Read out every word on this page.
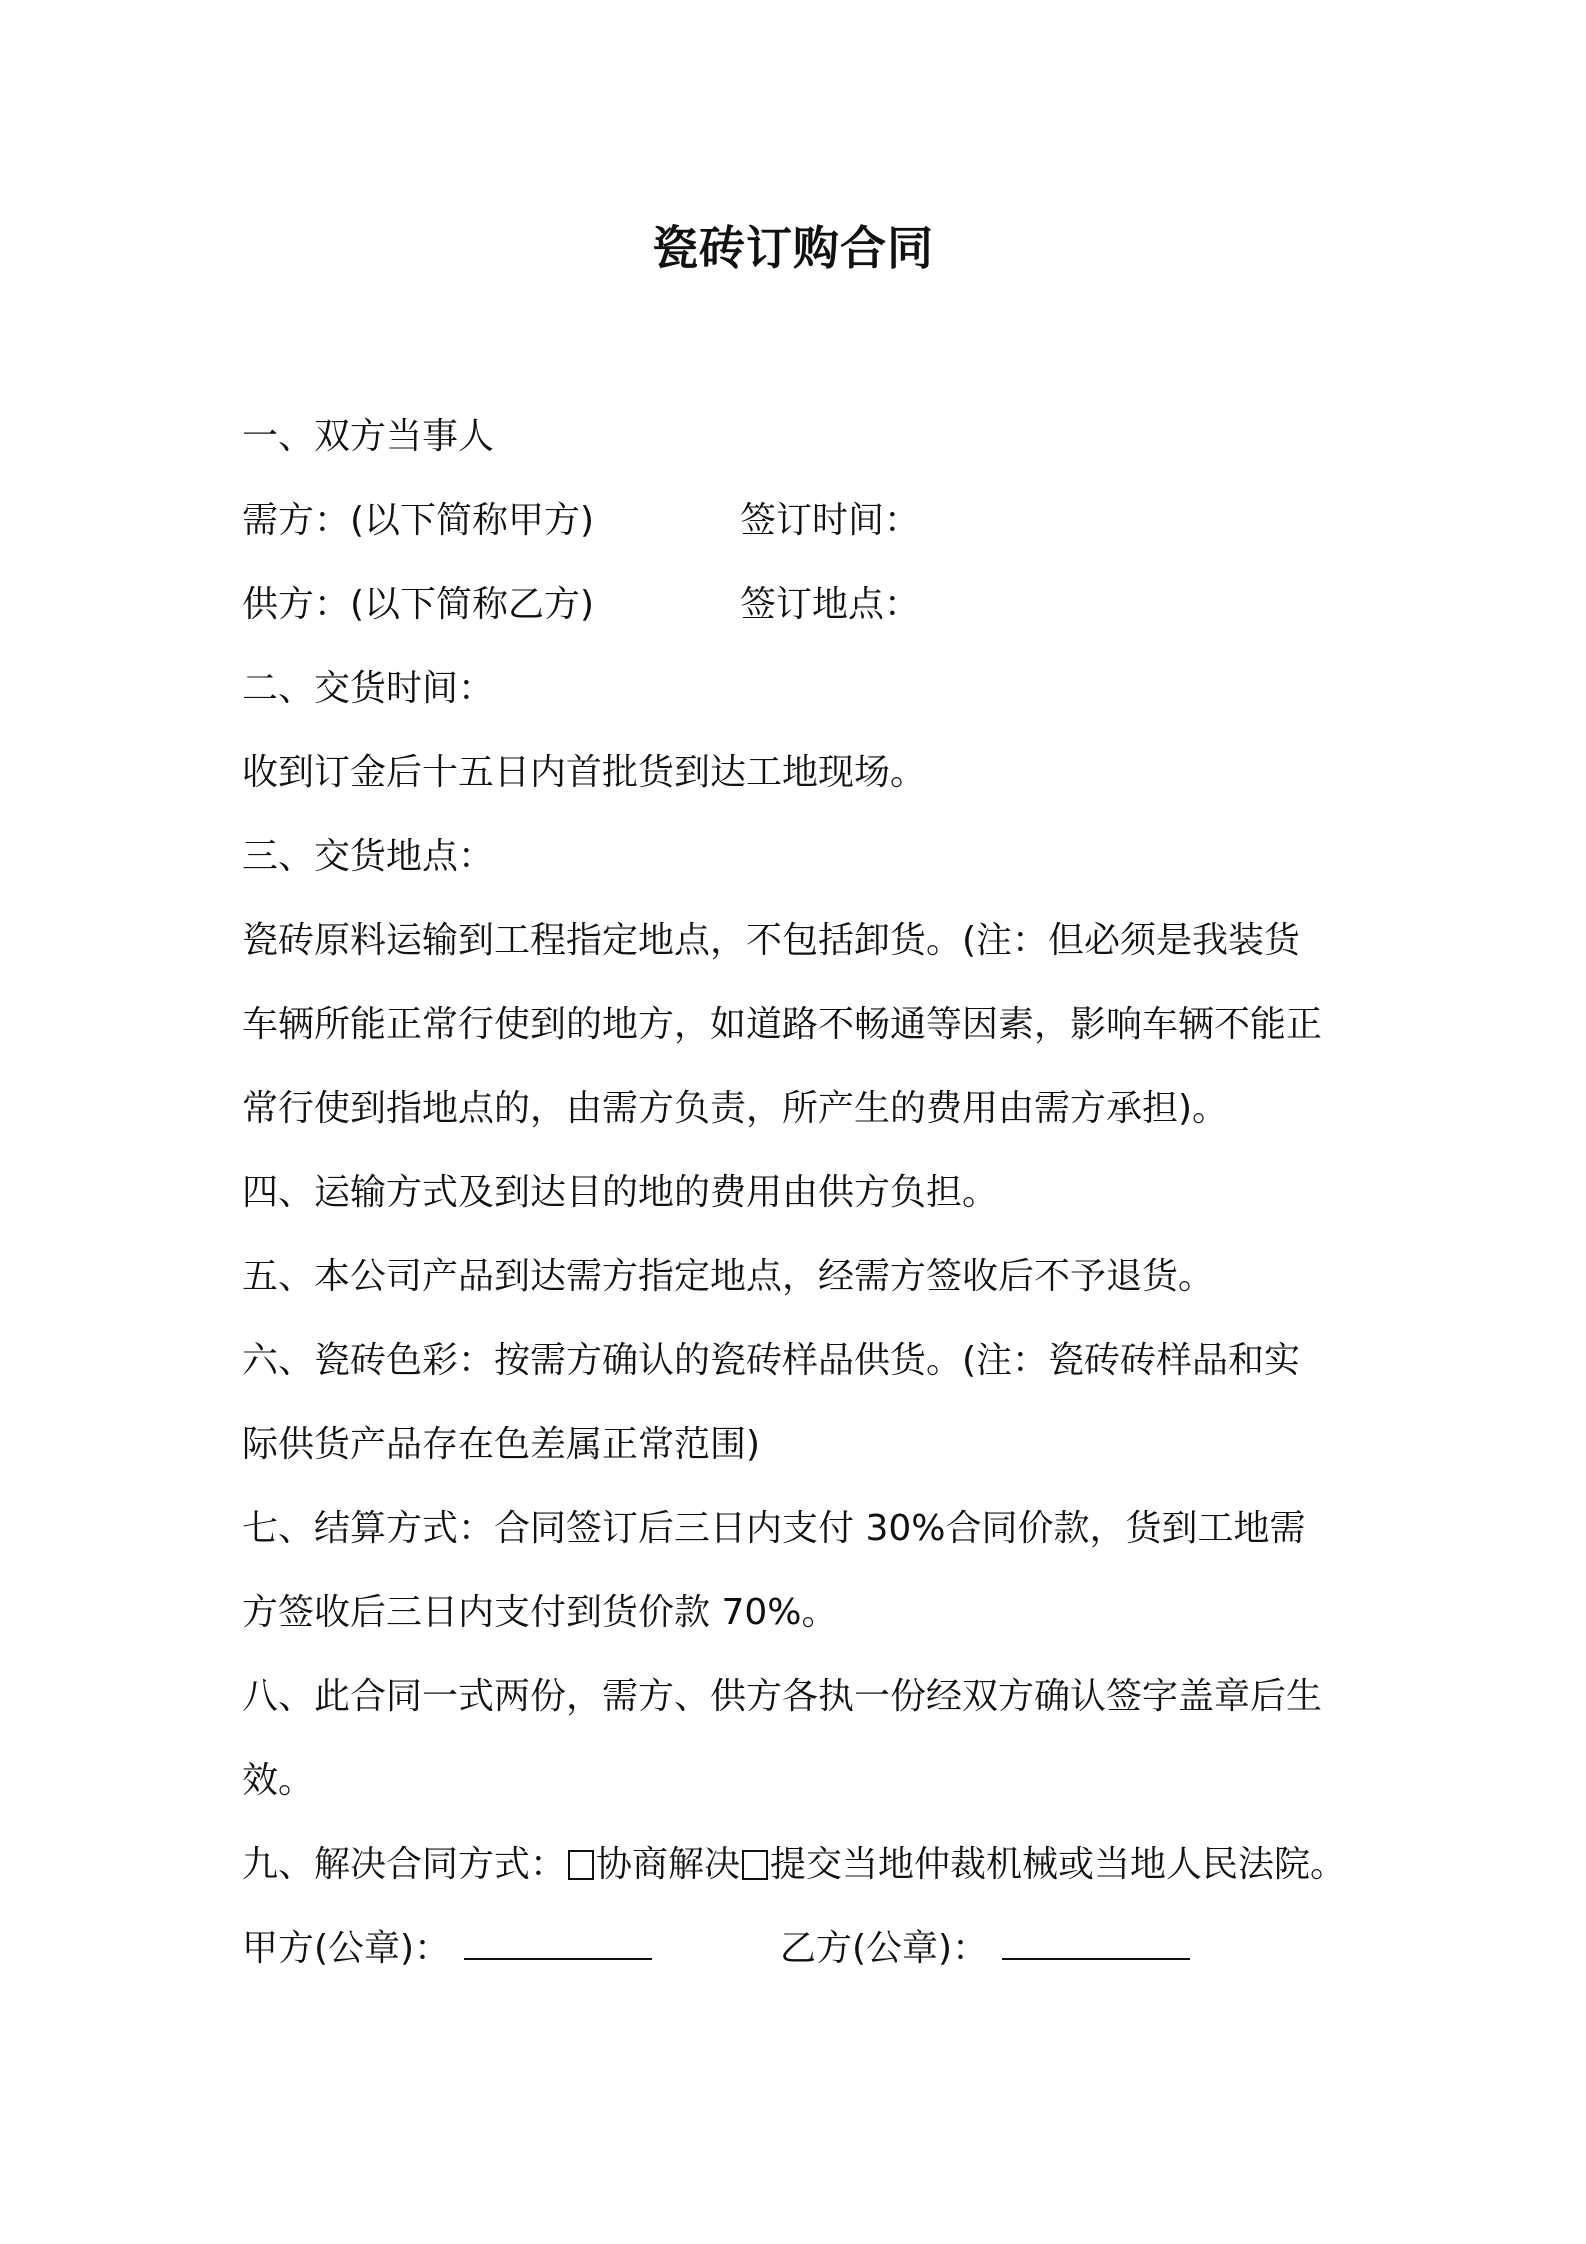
瓷砖订购合同
一、双方当事人
需方：(以下简称甲方)	签订时间：
供方：(以下简称乙方)	签订地点：
二、交货时间：
收到订金后十五日内首批货到达工地现场。
三、交货地点：
瓷砖原料运输到工程指定地点，不包括卸货。(注：但必须是我装货
车辆所能正常行使到的地方，如道路不畅通等因素，影响车辆不能正
常行使到指地点的，由需方负责，所产生的费用由需方承担)。
四、运输方式及到达目的地的费用由供方负担。
五、本公司产品到达需方指定地点，经需方签收后不予退货。
六、瓷砖色彩：按需方确认的瓷砖样品供货。(注：瓷砖砖样品和实
际供货产品存在色差属正常范围)
七、结算方式：合同签订后三日内支付 30%合同价款，货到工地需
方签收后三日内支付到货价款 70%。
八、此合同一式两份，需方、供方各执一份经双方确认签字盖章后生
效。
九、解决合同方式： 协商解决 提交当地仲裁机械或当地人民法院。
甲方(公章)：	乙方(公章)：
